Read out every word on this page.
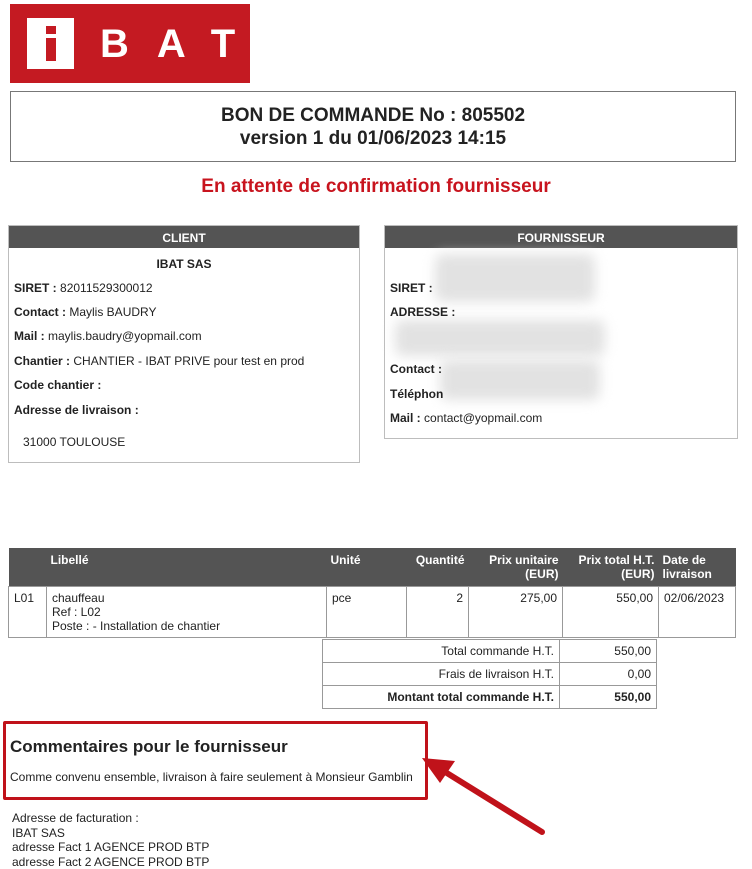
BAT
BON DE COMMANDE No : 805502
version 1 du 01/06/2023 14:15
En attente de confirmation fournisseur
CLIENT
IBAT SAS
SIRET : 82011529300012
Contact : Maylis BAUDRY
Mail : maylis.baudry@yopmail.com
Chantier : CHANTIER - IBAT PRIVE pour test en prod
Code chantier :
Adresse de livraison :
31000 TOULOUSE
FOURNISSEUR
SIRET :
ADRESSE :
Contact :
Téléphon
Mail : contact@yopmail.com
	Libellé	Unité	Quantité	Prix unitaire (EUR)	Prix total H.T. (EUR)	Date de livraison
L01	chauffeau
Ref : L02
Poste : - Installation de chantier	pce	2	275,00	550,00	02/06/2023
Total commande H.T.	550,00
Frais de livraison H.T.	0,00
Montant total commande H.T.	550,00
Commentaires pour le fournisseur
Comme convenu ensemble, livraison à faire seulement à Monsieur Gamblin
Adresse de facturation :
IBAT SAS
adresse Fact 1 AGENCE PROD BTP
adresse Fact 2 AGENCE PROD BTP
